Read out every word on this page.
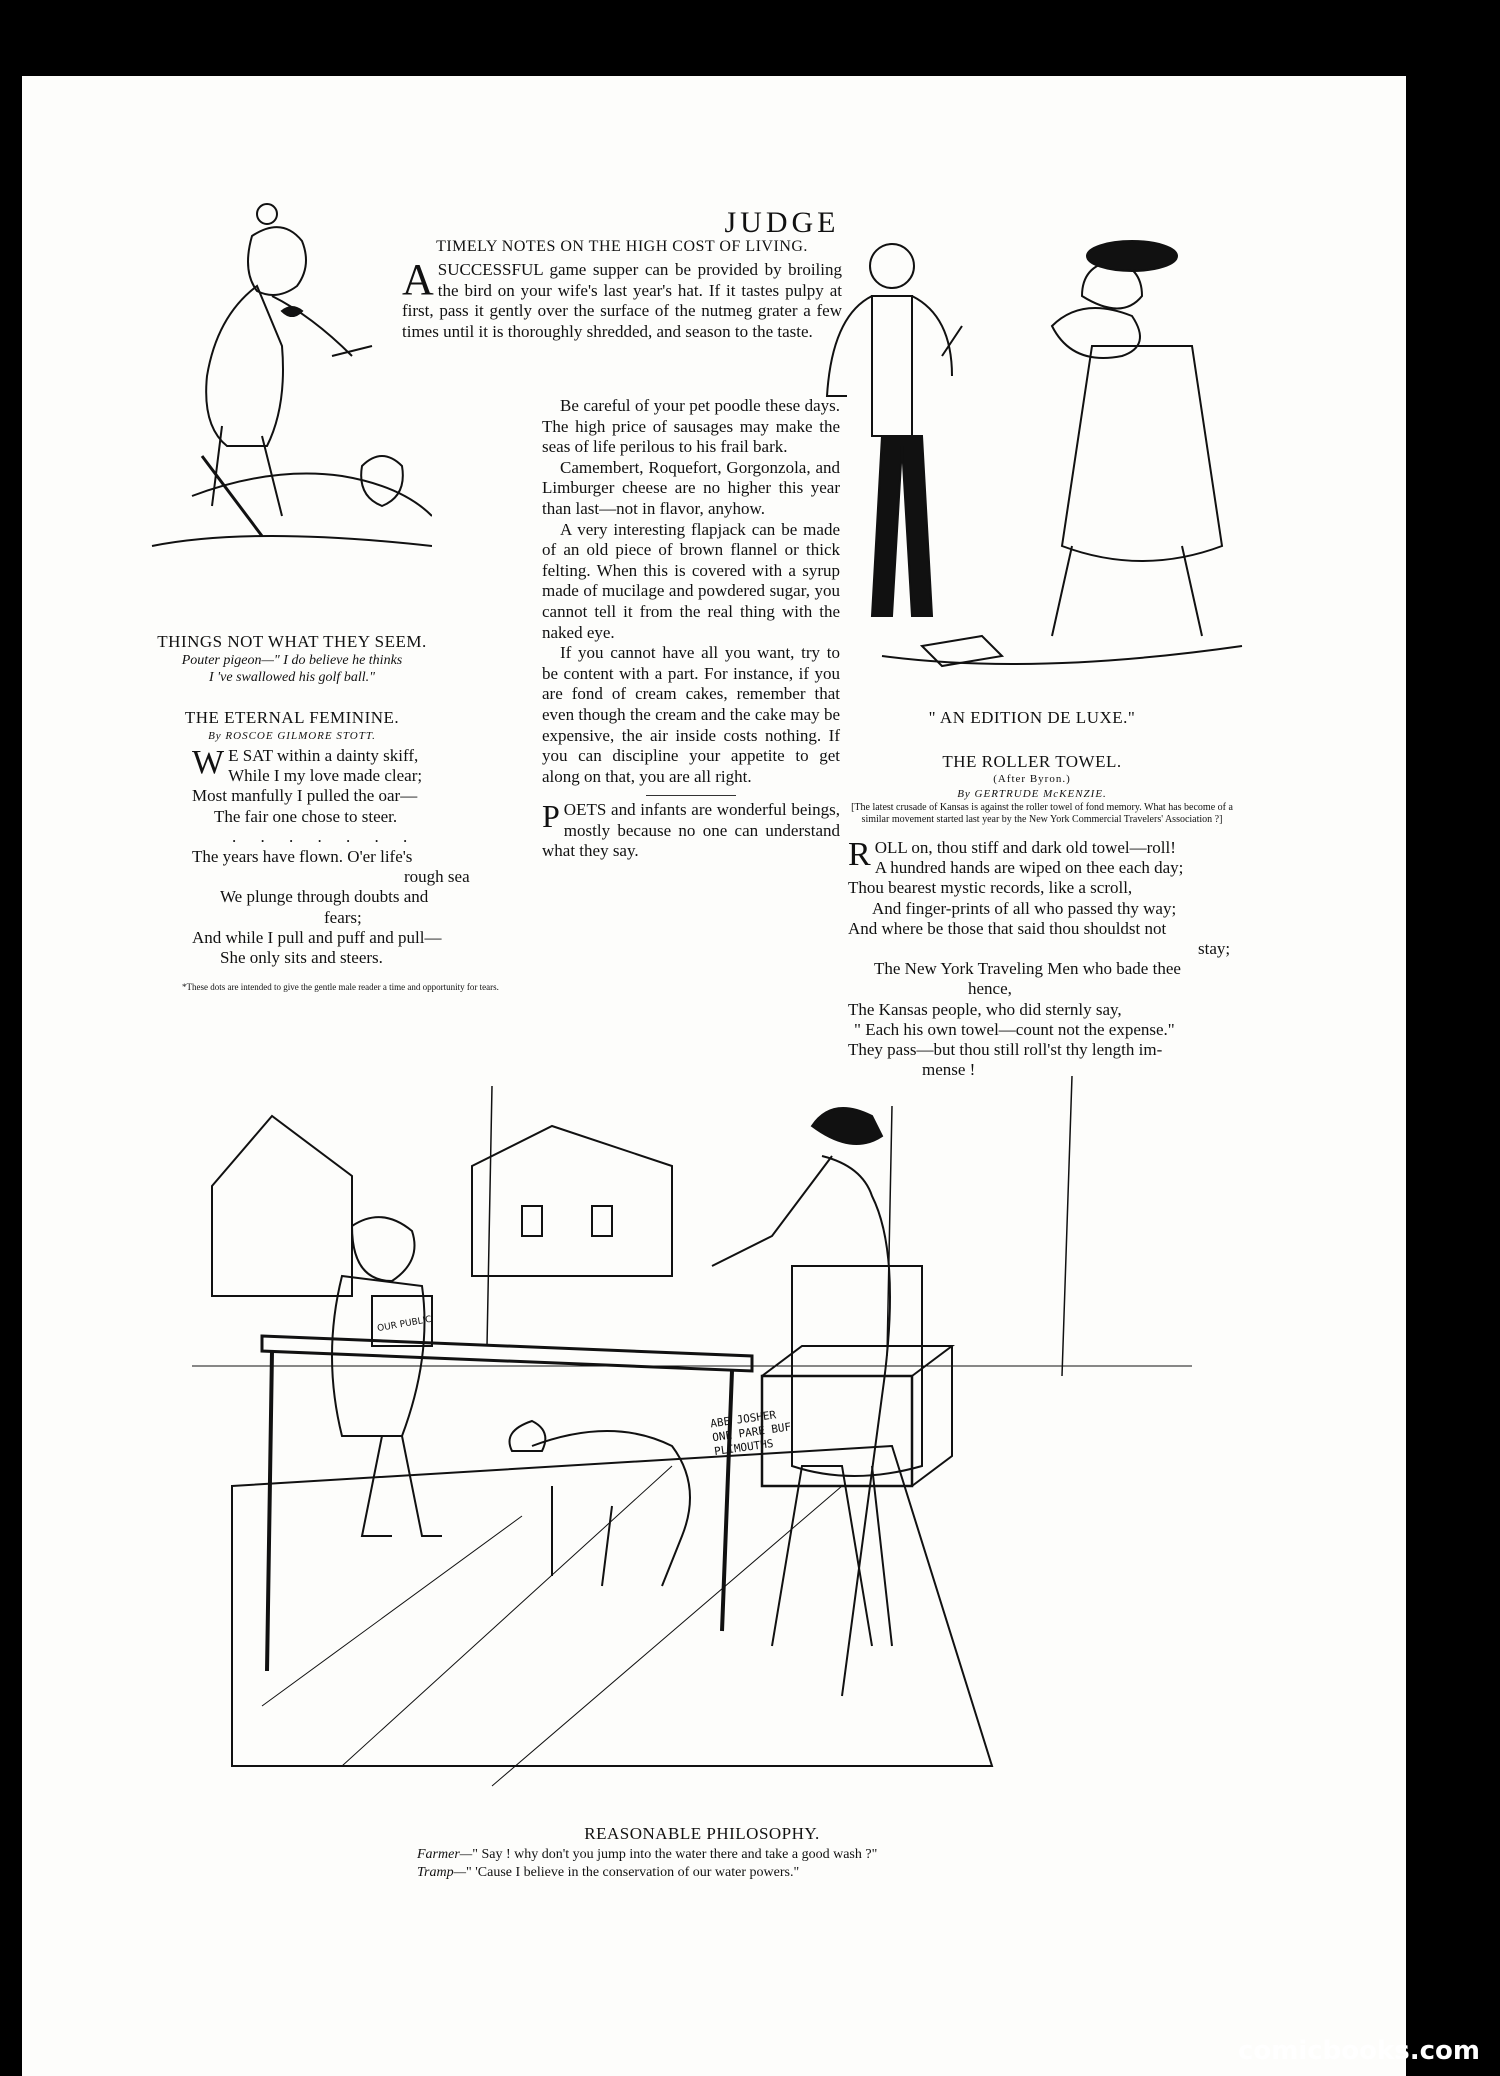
JUDGE
THINGS NOT WHAT THEY SEEM.
Pouter pigeon—" I do believe he thinks
I 've swallowed his golf ball."
THE ETERNAL FEMININE.
By ROSCOE GILMORE STOTT.
W E SAT within a dainty skiff,
While I my love made clear;
Most manfully I pulled the oar—
The fair one chose to steer.
. . . . . . .
The years have flown. O'er life's
rough sea
We plunge through doubts and
fears;
And while I pull and puff and pull—
She only sits and steers.
*These dots are intended to give the gentle male reader a time and opportunity for tears.
TIMELY NOTES ON THE HIGH COST OF LIVING.
A SUCCESSFUL game supper can be provided by broiling the bird on your wife's last year's hat. If it tastes pulpy at first, pass it gently over the surface of the nutmeg grater a few times until it is thoroughly shredded, and season to the taste.

Be careful of your pet poodle these days. The high price of sausages may make the seas of life perilous to his frail bark.

Camembert, Roquefort, Gorgonzola, and Limburger cheese are no higher this year than last—not in flavor, anyhow.

A very interesting flapjack can be made of an old piece of brown flannel or thick felting. When this is covered with a syrup made of mucilage and powdered sugar, you cannot tell it from the real thing with the naked eye.

If you cannot have all you want, try to be content with a part. For instance, if you are fond of cream cakes, remember that even though the cream and the cake may be expensive, the air inside costs nothing. If you can discipline your appetite to get along on that, you are all right.

P OETS and infants are wonderful beings, mostly because no one can understand what they say.
" AN EDITION DE LUXE."
THE ROLLER TOWEL.
(After Byron.)
By GERTRUDE McKENZIE.
[The latest crusade of Kansas is against the roller towel of fond memory. What has become of a similar movement started last year by the New York Commercial Travelers' Association ?]
ROLL on, thou stiff and dark old towel—roll!
A hundred hands are wiped on thee each day;
Thou bearest mystic records, like a scroll,
And finger-prints of all who passed thy way;
And where be those that said thou shouldst not
stay;
The New York Traveling Men who bade thee
hence,
The Kansas people, who did sternly say,
" Each his own towel—count not the expense."
They pass—but thou still roll'st thy length im-
mense !
ABE JOSHER ONE PARE BUF PLIMOUTHS
OUR PUBLIC
REASONABLE PHILOSOPHY.
Farmer—" Say ! why don't you jump into the water there and take a good wash ?"
Tramp—" 'Cause I believe in the conservation of our water powers."
comicbooks.com
